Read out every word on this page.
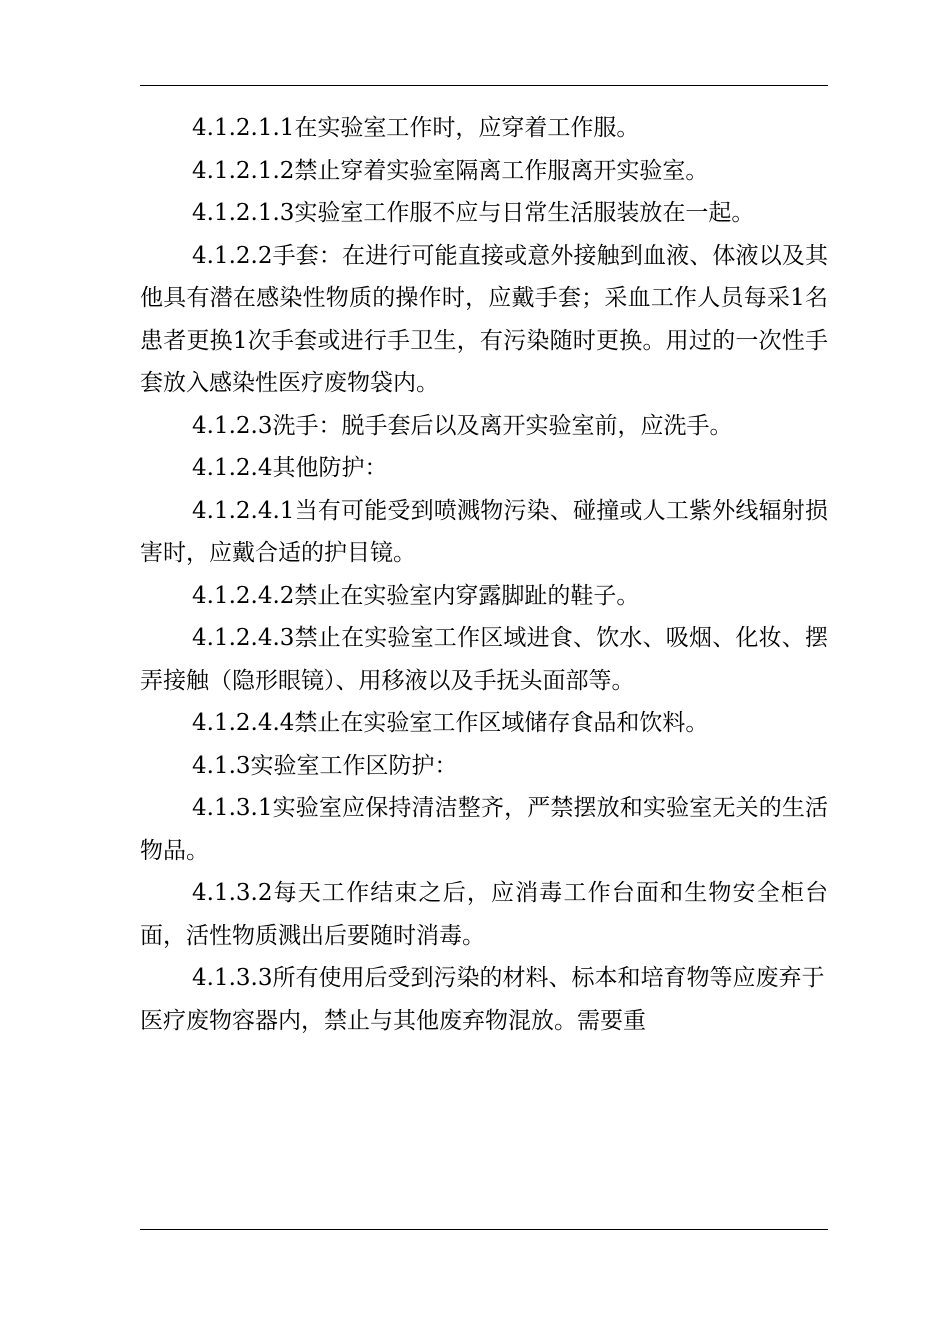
4.1.2.1.1在实验室工作时，应穿着工作服。

4.1.2.1.2禁止穿着实验室隔离工作服离开实验室。

4.1.2.1.3实验室工作服不应与日常生活服装放在一起。

4.1.2.2手套：在进行可能直接或意外接触到血液、体液以及其他具有潜在感染性物质的操作时，应戴手套；采血工作人员每采1名患者更换1次手套或进行手卫生，有污染随时更换。用过的一次性手套放入感染性医疗废物袋内。

4.1.2.3洗手：脱手套后以及离开实验室前，应洗手。

4.1.2.4其他防护：

4.1.2.4.1当有可能受到喷溅物污染、碰撞或人工紫外线辐射损害时，应戴合适的护目镜。

4.1.2.4.2禁止在实验室内穿露脚趾的鞋子。

4.1.2.4.3禁止在实验室工作区域进食、饮水、吸烟、化妆、摆弄接触（隐形眼镜）、用移液以及手抚头面部等。

4.1.2.4.4禁止在实验室工作区域储存食品和饮料。

4.1.3实验室工作区防护：

4.1.3.1实验室应保持清洁整齐，严禁摆放和实验室无关的生活物品。

4.1.3.2每天工作结束之后，应消毒工作台面和生物安全柜台面，活性物质溅出后要随时消毒。

4.1.3.3所有使用后受到污染的材料、标本和培育物等应废弃于医疗废物容器内，禁止与其他废弃物混放。需要重
